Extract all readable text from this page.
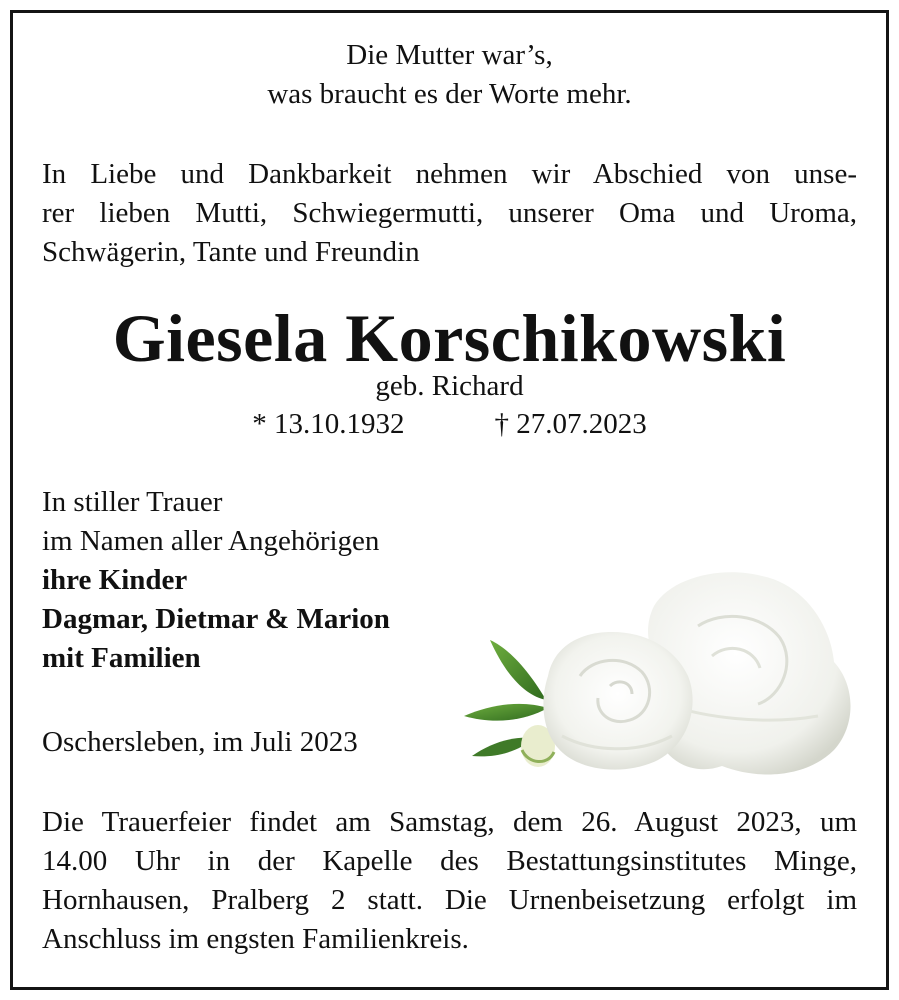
Die Mutter war’s,
was braucht es der Worte mehr.
In Liebe und Dankbarkeit nehmen wir Abschied von unse-
rer lieben Mutti, Schwiegermutti, unserer Oma und Uroma,
Schwägerin, Tante und Freundin
Giesela Korschikowski
geb. Richard
* 13.10.1932	† 27.07.2023
In stiller Trauer
im Namen aller Angehörigen
ihre Kinder
Dagmar, Dietmar & Marion
mit Familien
Oschersleben, im Juli 2023
Die Trauerfeier findet am Samstag, dem 26. August 2023, um
14.00 Uhr in der Kapelle des Bestattungsinstitutes Minge,
Hornhausen, Pralberg 2 statt. Die Urnenbeisetzung erfolgt im
Anschluss im engsten Familienkreis.
